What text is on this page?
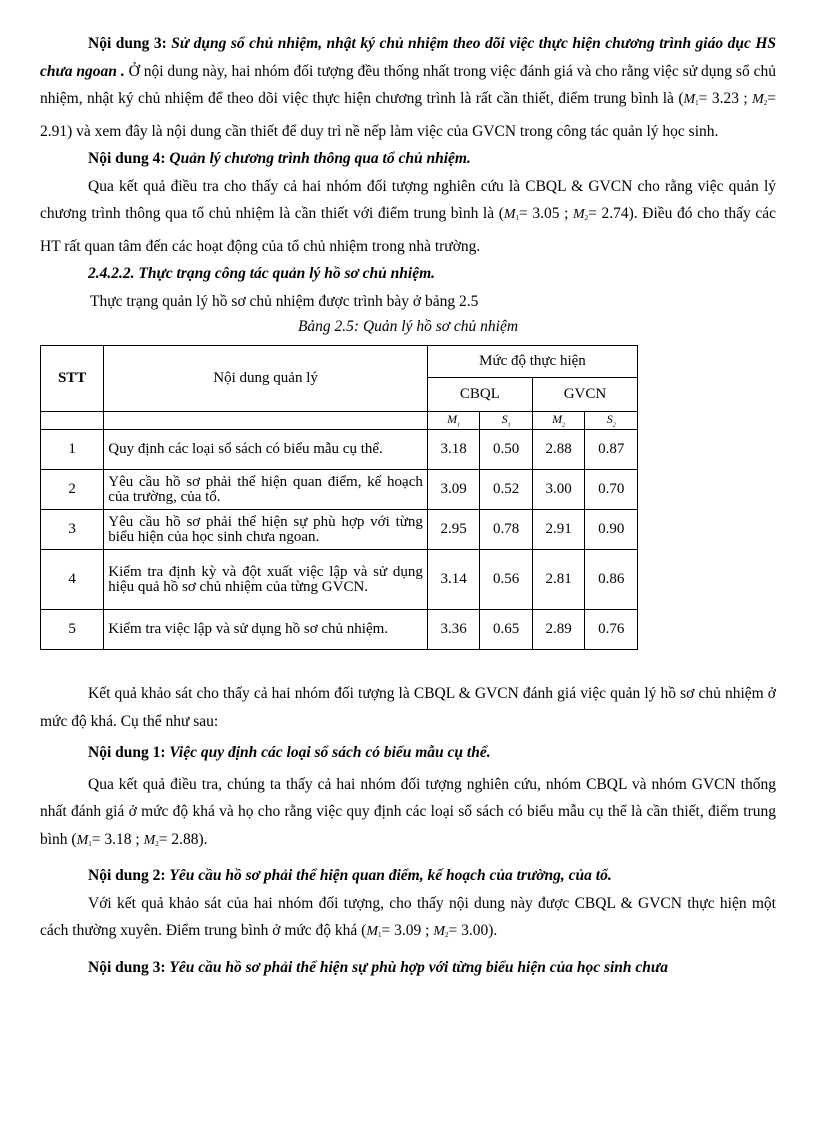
Nội dung 3: Sử dụng sổ chủ nhiệm, nhật ký chủ nhiệm theo dõi việc thực hiện chương trình giáo dục HS chưa ngoan . Ở nội dung này, hai nhóm đối tượng đều thống nhất trong việc đánh giá và cho rằng việc sử dụng sổ chủ nhiệm, nhật ký chủ nhiệm để theo dõi việc thực hiện chương trình là rất cần thiết, điểm trung bình là ($M_1= 3.23$ ; $M_2= 2.91$) và xem đây là nội dung cần thiết để duy trì nề nếp làm việc của GVCN trong công tác quản lý học sinh.

Nội dung 4: Quản lý chương trình thông qua tổ chủ nhiệm.

Qua kết quả điều tra cho thấy cả hai nhóm đối tượng nghiên cứu là CBQL & GVCN cho rằng việc quản lý chương trình thông qua tổ chủ nhiệm là cần thiết với điểm trung bình là ($M_1= 3.05$ ; $M_2= 2.74$). Điều đó cho thấy các HT rất quan tâm đến các hoạt động của tổ chủ nhiệm trong nhà trường.

2.4.2.2. Thực trạng công tác quản lý hồ sơ chủ nhiệm.

Thực trạng quản lý hồ sơ chủ nhiệm được trình bày ở bảng 2.5

Bảng 2.5: Quản lý hồ sơ chủ nhiệm

STT	Nội dung quản lý	Mức độ thực hiện			
		CBQL		GVCN	
		$M_1$	$S_1$	$M_2$	$S_2$
1	Quy định các loại sổ sách có biểu mẫu cụ thể.	3.18	0.50	2.88	0.87
2	Yêu cầu hồ sơ phải thể hiện quan điểm, kế hoạch của trường, của tổ.	3.09	0.52	3.00	0.70
3	Yêu cầu hồ sơ phải thể hiện sự phù hợp với từng biểu hiện của học sinh chưa ngoan.	2.95	0.78	2.91	0.90
4	Kiểm tra định kỳ và đột xuất việc lập và sử dụng hiệu quả hồ sơ chủ nhiệm của từng GVCN.	3.14	0.56	2.81	0.86
5	Kiểm tra việc lập và sử dụng hồ sơ chủ nhiệm.	3.36	0.65	2.89	0.76

Kết quả khảo sát cho thấy cả hai nhóm đối tượng là CBQL & GVCN đánh giá việc quản lý hồ sơ chủ nhiệm ở mức độ khá. Cụ thể như sau:

Nội dung 1: Việc quy định các loại sổ sách có biểu mẫu cụ thể.

Qua kết quả điều tra, chúng ta thấy cả hai nhóm đối tượng nghiên cứu, nhóm CBQL và nhóm GVCN thống nhất đánh giá ở mức độ khá và họ cho rằng việc quy định các loại sổ sách có biểu mẫu cụ thể là cần thiết, điểm trung bình ($M_1= 3.18$ ; $M_2= 2.88$).

Nội dung 2: Yêu cầu hồ sơ phải thể hiện quan điểm, kế hoạch của trường, của tổ.

Với kết quả khảo sát của hai nhóm đối tượng, cho thấy nội dung này được CBQL & GVCN thực hiện một cách thường xuyên. Điểm trung bình ở mức độ khá ($M_1= 3.09$ ; $M_2= 3.00$).

Nội dung 3: Yêu cầu hồ sơ phải thể hiện sự phù hợp với từng biểu hiện của học sinh chưa
